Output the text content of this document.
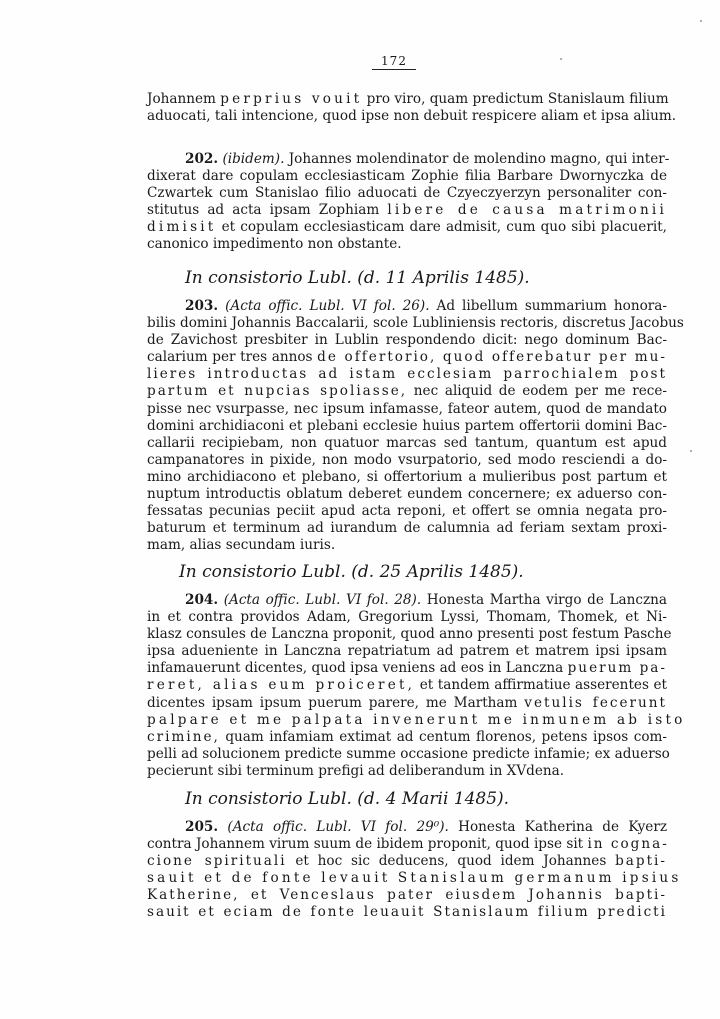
172
Johannem perprius vouit pro viro, quam predictum Stanislaum filium
aduocati, tali intencione, quod ipse non debuit respicere aliam et ipsa alium.
202. (ibidem). Johannes molendinator de molendino magno, qui inter-
dixerat dare copulam ecclesiasticam Zophie filia Barbare Dwornyczka de
Czwartek cum Stanislao filio aduocati de Czyeczyerzyn personaliter con-
stitutus ad acta ipsam Zophiam libere de causa matrimonii
dimisit et copulam ecclesiasticam dare admisit, cum quo sibi placuerit,
canonico impedimento non obstante.
In consistorio Lubl. (d. 11 Aprilis 1485).
203. (Acta offic. Lubl. VI fol. 26). Ad libellum summarium honora-
bilis domini Johannis Baccalarii, scole Lubliniensis rectoris, discretus Jacobus
de Zavichost presbiter in Lublin respondendo dicit: nego dominum Bac-
calarium per tres annos de offertorio, quod offerebatur per mu-
lieres introductas ad istam ecclesiam parrochialem post
partum et nupcias spoliasse, nec aliquid de eodem per me rece-
pisse nec vsurpasse, nec ipsum infamasse, fateor autem, quod de mandato
domini archidiaconi et plebani ecclesie huius partem offertorii domini Bac-
callarii recipiebam, non quatuor marcas sed tantum, quantum est apud
campanatores in pixide, non modo vsurpatorio, sed modo resciendi a do-
mino archidiacono et plebano, si offertorium a mulieribus post partum et
nuptum introductis oblatum deberet eundem concernere; ex aduerso con-
fessatas pecunias peciit apud acta reponi, et offert se omnia negata pro-
baturum et terminum ad iurandum de calumnia ad feriam sextam proxi-
mam, alias secundam iuris.
In consistorio Lubl. (d. 25 Aprilis 1485).
204. (Acta offic. Lubl. VI fol. 28). Honesta Martha virgo de Lanczna
in et contra providos Adam, Gregorium Lyssi, Thomam, Thomek, et Ni-
klasz consules de Lanczna proponit, quod anno presenti post festum Pasche
ipsa adueniente in Lanczna repatriatum ad patrem et matrem ipsi ipsam
infamauerunt dicentes, quod ipsa veniens ad eos in Lanczna puerum pa-
reret, alias eum proiceret, et tandem affirmatiue asserentes et
dicentes ipsam ipsum puerum parere, me Martham vetulis fecerunt
palpare et me palpata invenerunt me inmunem ab isto
crimine, quam infamiam extimat ad centum florenos, petens ipsos com-
pelli ad solucionem predicte summe occasione predicte infamie; ex aduerso
pecierunt sibi terminum prefigi ad deliberandum in XVdena.
In consistorio Lubl. (d. 4 Marii 1485).
205. (Acta offic. Lubl. VI fol. 29⁰). Honesta Katherina de Kyerz
contra Johannem virum suum de ibidem proponit, quod ipse sit in cogna-
cione spirituali et hoc sic deducens, quod idem Johannes bapti-
sauit et de fonte levauit Stanislaum germanum ipsius
Katherine, et Venceslaus pater eiusdem Johannis bapti-
sauit et eciam de fonte leuauit Stanislaum filium predicti
